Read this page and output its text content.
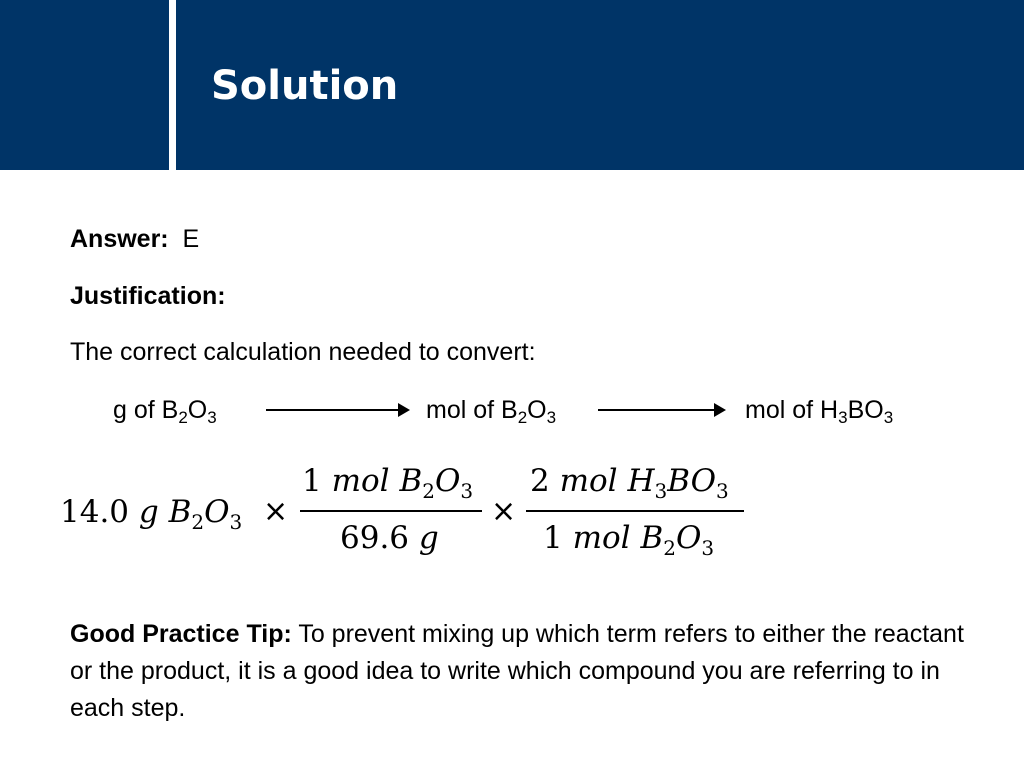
Solution
Answer: E
Justification:
The correct calculation needed to convert:
g of $B_2O_3$	mol of $B_2O_3$	mol of $H_3BO_3$
14.0 g $B_2O_3$ ×
1 mol $B_2O_3$
69.6 g
×
2 mol $H_3BO_3$
1 mol $B_2O_3$
Good Practice Tip: To prevent mixing up which term refers to either the reactant or the product, it is a good idea to write which compound you are referring to in each step.
